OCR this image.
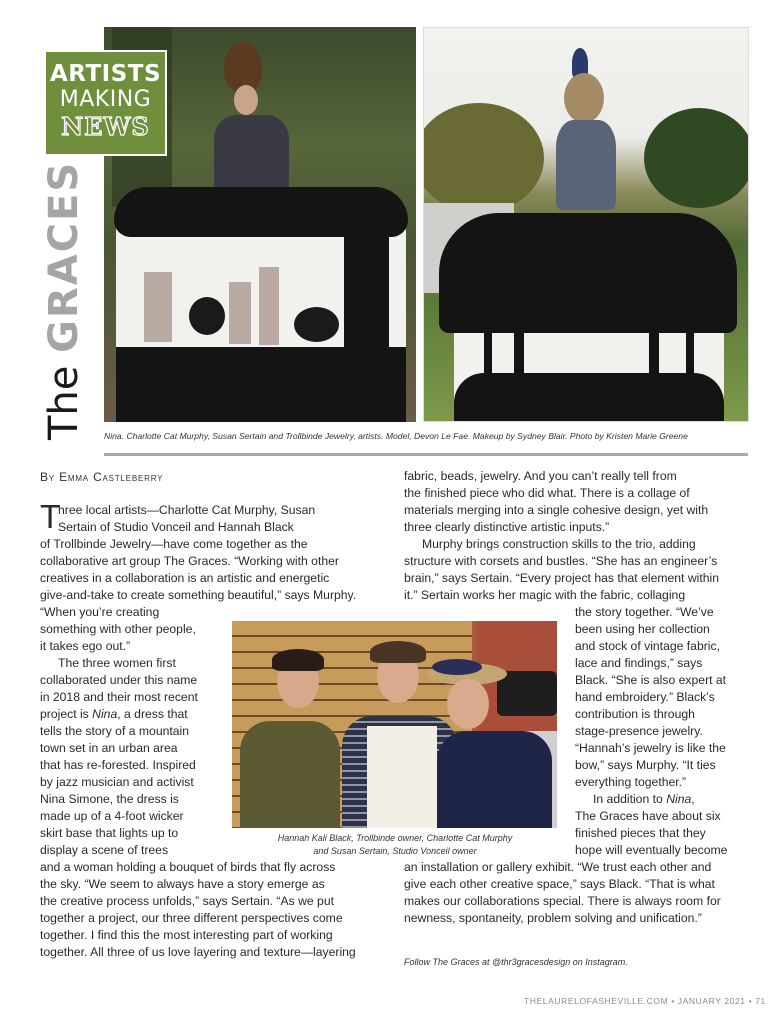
ARTISTS
MAKING
NEWS
The GRACES
Nina. Charlotte Cat Murphy, Susan Sertain and Trollbinde Jewelry, artists. Model, Devon Le Fae. Makeup by Sydney Blair. Photo by Kristen Marie Greene
By Emma Castleberry
T
hree local artists—Charlotte Cat Murphy, Susan
Sertain of Studio Vonceil and Hannah Black
of Trollbinde Jewelry—have come together as the
collaborative art group The Graces. “Working with other
creatives in a collaboration is an artistic and energetic
give-and-take to create something beautiful,” says Murphy.
“When you’re creating
something with other people,
it takes ego out.”
The three women first
collaborated under this name
in 2018 and their most recent
project is Nina, a dress that
tells the story of a mountain
town set in an urban area
that has re-forested. Inspired
by jazz musician and activist
Nina Simone, the dress is
made up of a 4-foot wicker
skirt base that lights up to
display a scene of trees
and a woman holding a bouquet of birds that fly across
the sky. “We seem to always have a story emerge as
the creative process unfolds,” says Sertain. “As we put
together a project, our three different perspectives come
together. I find this the most interesting part of working
together. All three of us love layering and texture—layering
fabric, beads, jewelry. And you can’t really tell from
the finished piece who did what. There is a collage of
materials merging into a single cohesive design, yet with
three clearly distinctive artistic inputs.”
Murphy brings construction skills to the trio, adding
structure with corsets and bustles. “She has an engineer’s
brain,” says Sertain. “Every project has that element within
it.” Sertain works her magic with the fabric, collaging
the story together. “We’ve
been using her collection
and stock of vintage fabric,
lace and findings,” says
Black. “She is also expert at
hand embroidery.” Black’s
contribution is through
stage-presence jewelry.
“Hannah’s jewelry is like the
bow,” says Murphy. “It ties
everything together.”
In addition to Nina,
The Graces have about six
finished pieces that they
hope will eventually become
an installation or gallery exhibit. “We trust each other and
give each other creative space,” says Black. “That is what
makes our collaborations special. There is always room for
newness, spontaneity, problem solving and unification.”
Hannah Kali Black, Trollbinde owner, Charlotte Cat Murphy
and Susan Sertain, Studio Vonceil owner
Follow The Graces at @thr3gracesdesign on Instagram.
THELAURELOFASHEVILLE.COM • JANUARY 2021 • 71
